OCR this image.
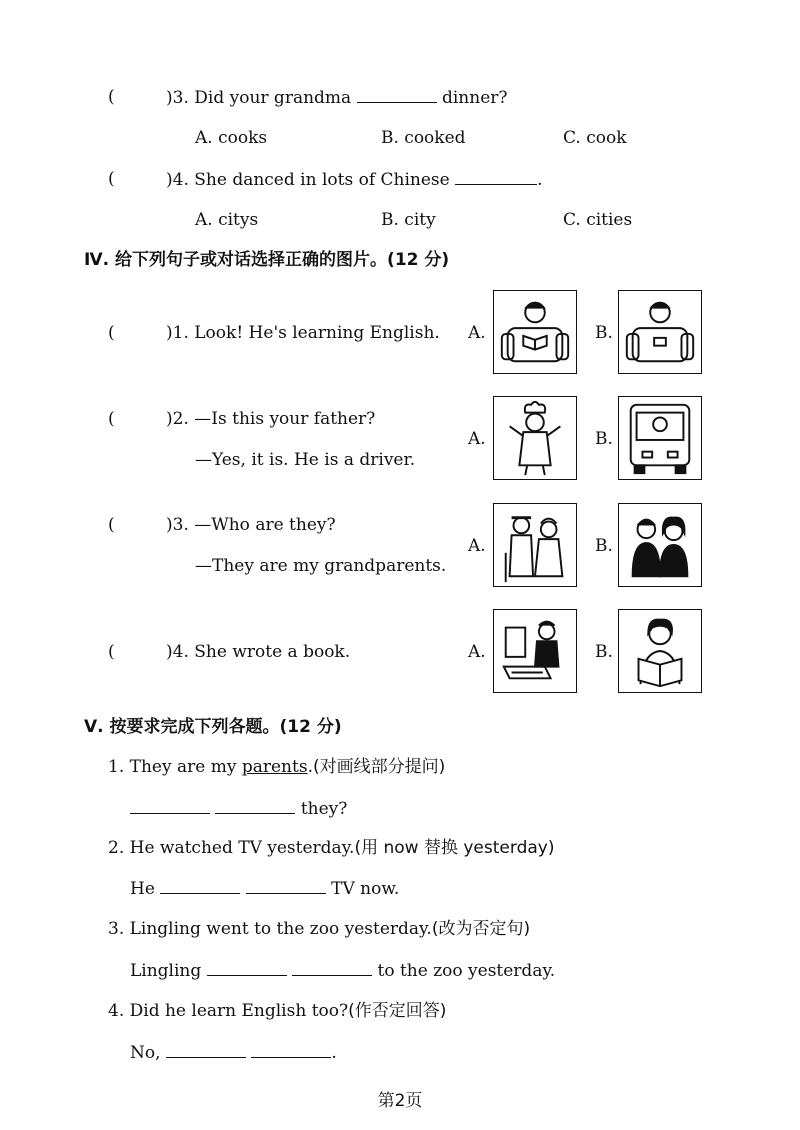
(	)3. Did your grandma	dinner?
A. cooks	B. cooked	C. cook
(	)4. She danced in lots of Chinese	.
A. citys	B. city	C. cities
Ⅳ. 给下列句子或对话选择正确的图片。(12 分)
(	)1. Look! He's learning English. A.	B.
(	)2. —Is this your father?
—Yes, it is. He is a driver.
A.	B.
(	)3. —Who are they?
—They are my grandparents.
A.	B.
(	)4. She wrote a book.	A.	B.
Ⅴ. 按要求完成下列各题。(12 分)
1. They are my parents.(对画线部分提问)
they?
2. He watched TV yesterday.(用 now 替换 yesterday)
He	TV now.
3. Lingling went to the zoo yesterday.(改为否定句)
Lingling	to the zoo yesterday.
4. Did he learn English too?(作否定回答)
No,	.
第2页
